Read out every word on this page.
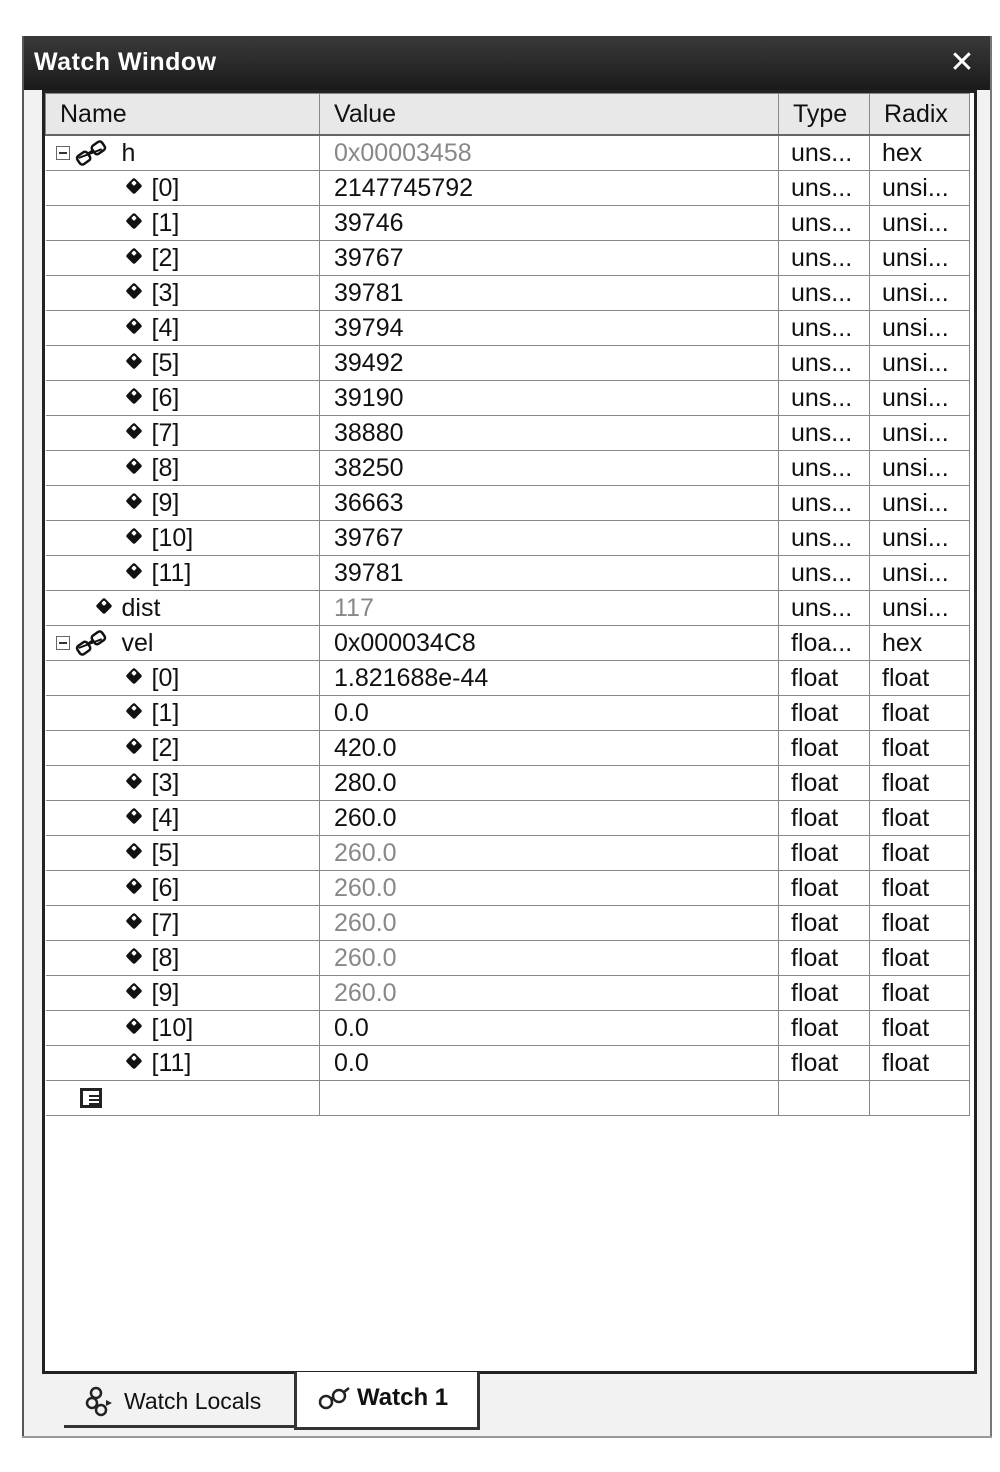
Watch Window	✕
Name	Value	Type	Radix

h	0x00003458	uns...	hex

[0]	2147745792	uns...	unsi...

[1]	39746	uns...	unsi...

[2]	39767	uns...	unsi...

[3]	39781	uns...	unsi...

[4]	39794	uns...	unsi...

[5]	39492	uns...	unsi...

[6]	39190	uns...	unsi...

[7]	38880	uns...	unsi...

[8]	38250	uns...	unsi...

[9]	36663	uns...	unsi...

[10]	39767	uns...	unsi...

[11]	39781	uns...	unsi...

dist	117	uns...	unsi...

vel	0x000034C8	floa...	hex

[0]	1.821688e-44	float	float

[1]	0.0	float	float

[2]	420.0	float	float

[3]	280.0	float	float

[4]	260.0	float	float

[5]	260.0	float	float

[6]	260.0	float	float

[7]	260.0	float	float

[8]	260.0	float	float

[9]	260.0	float	float

[10]	0.0	float	float

[11]	0.0	float	float

Watch Locals	Watch 1
